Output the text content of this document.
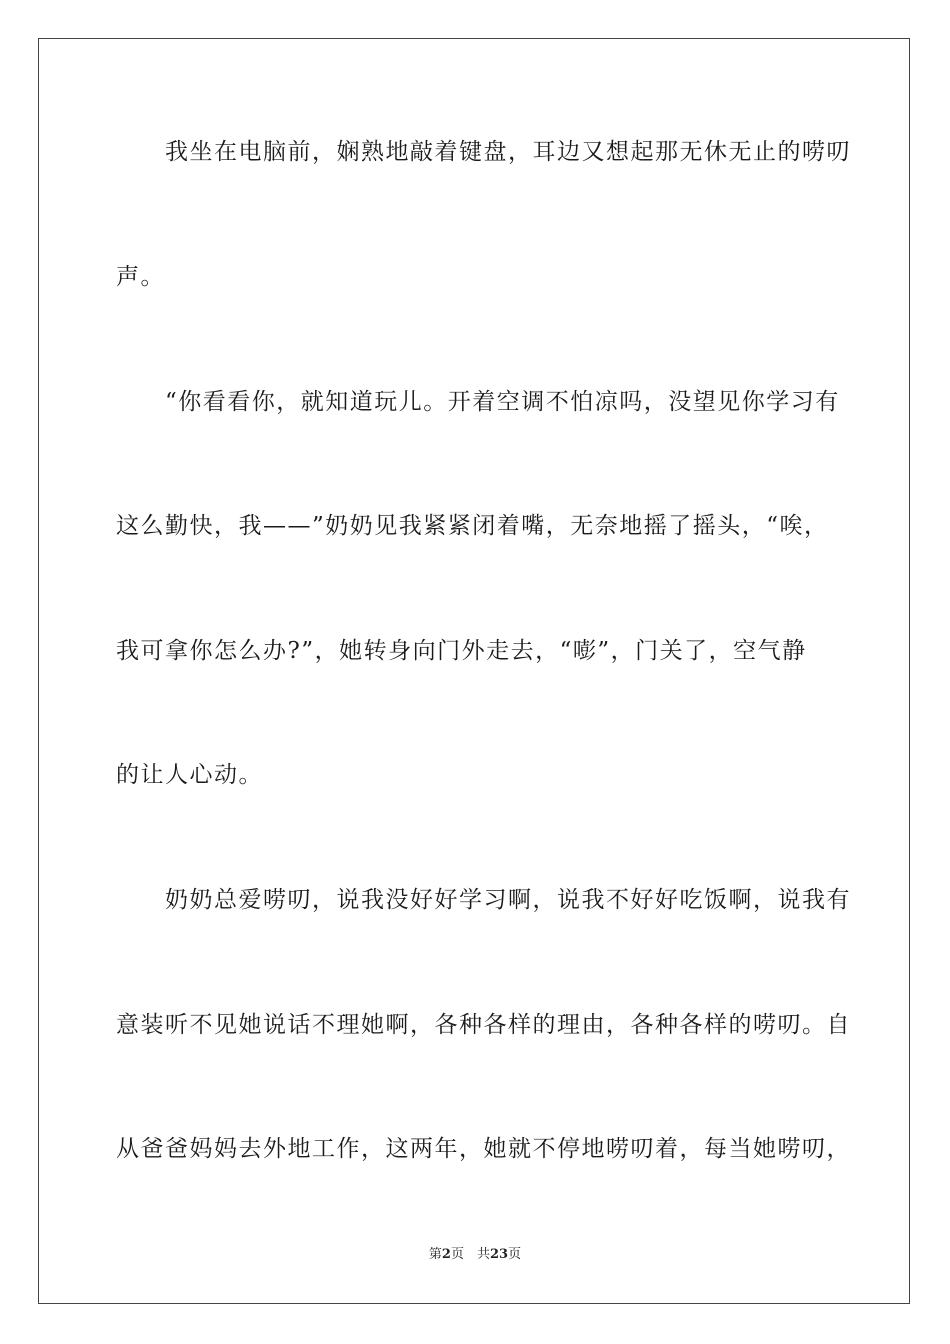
　　我坐在电脑前，娴熟地敲着键盘，耳边又想起那无休无止的唠叨
声。
　　“你看看你，就知道玩儿。开着空调不怕凉吗，没望见你学习有
这么勤快，我——”奶奶见我紧紧闭着嘴，无奈地摇了摇头，“唉，
我可拿你怎么办?”，她转身向门外走去，“嘭”，门关了，空气静
的让人心动。
　　奶奶总爱唠叨，说我没好好学习啊，说我不好好吃饭啊，说我有
意装听不见她说话不理她啊，各种各样的理由，各种各样的唠叨。自
从爸爸妈妈去外地工作，这两年，她就不停地唠叨着，每当她唠叨，
第2页　共23页
